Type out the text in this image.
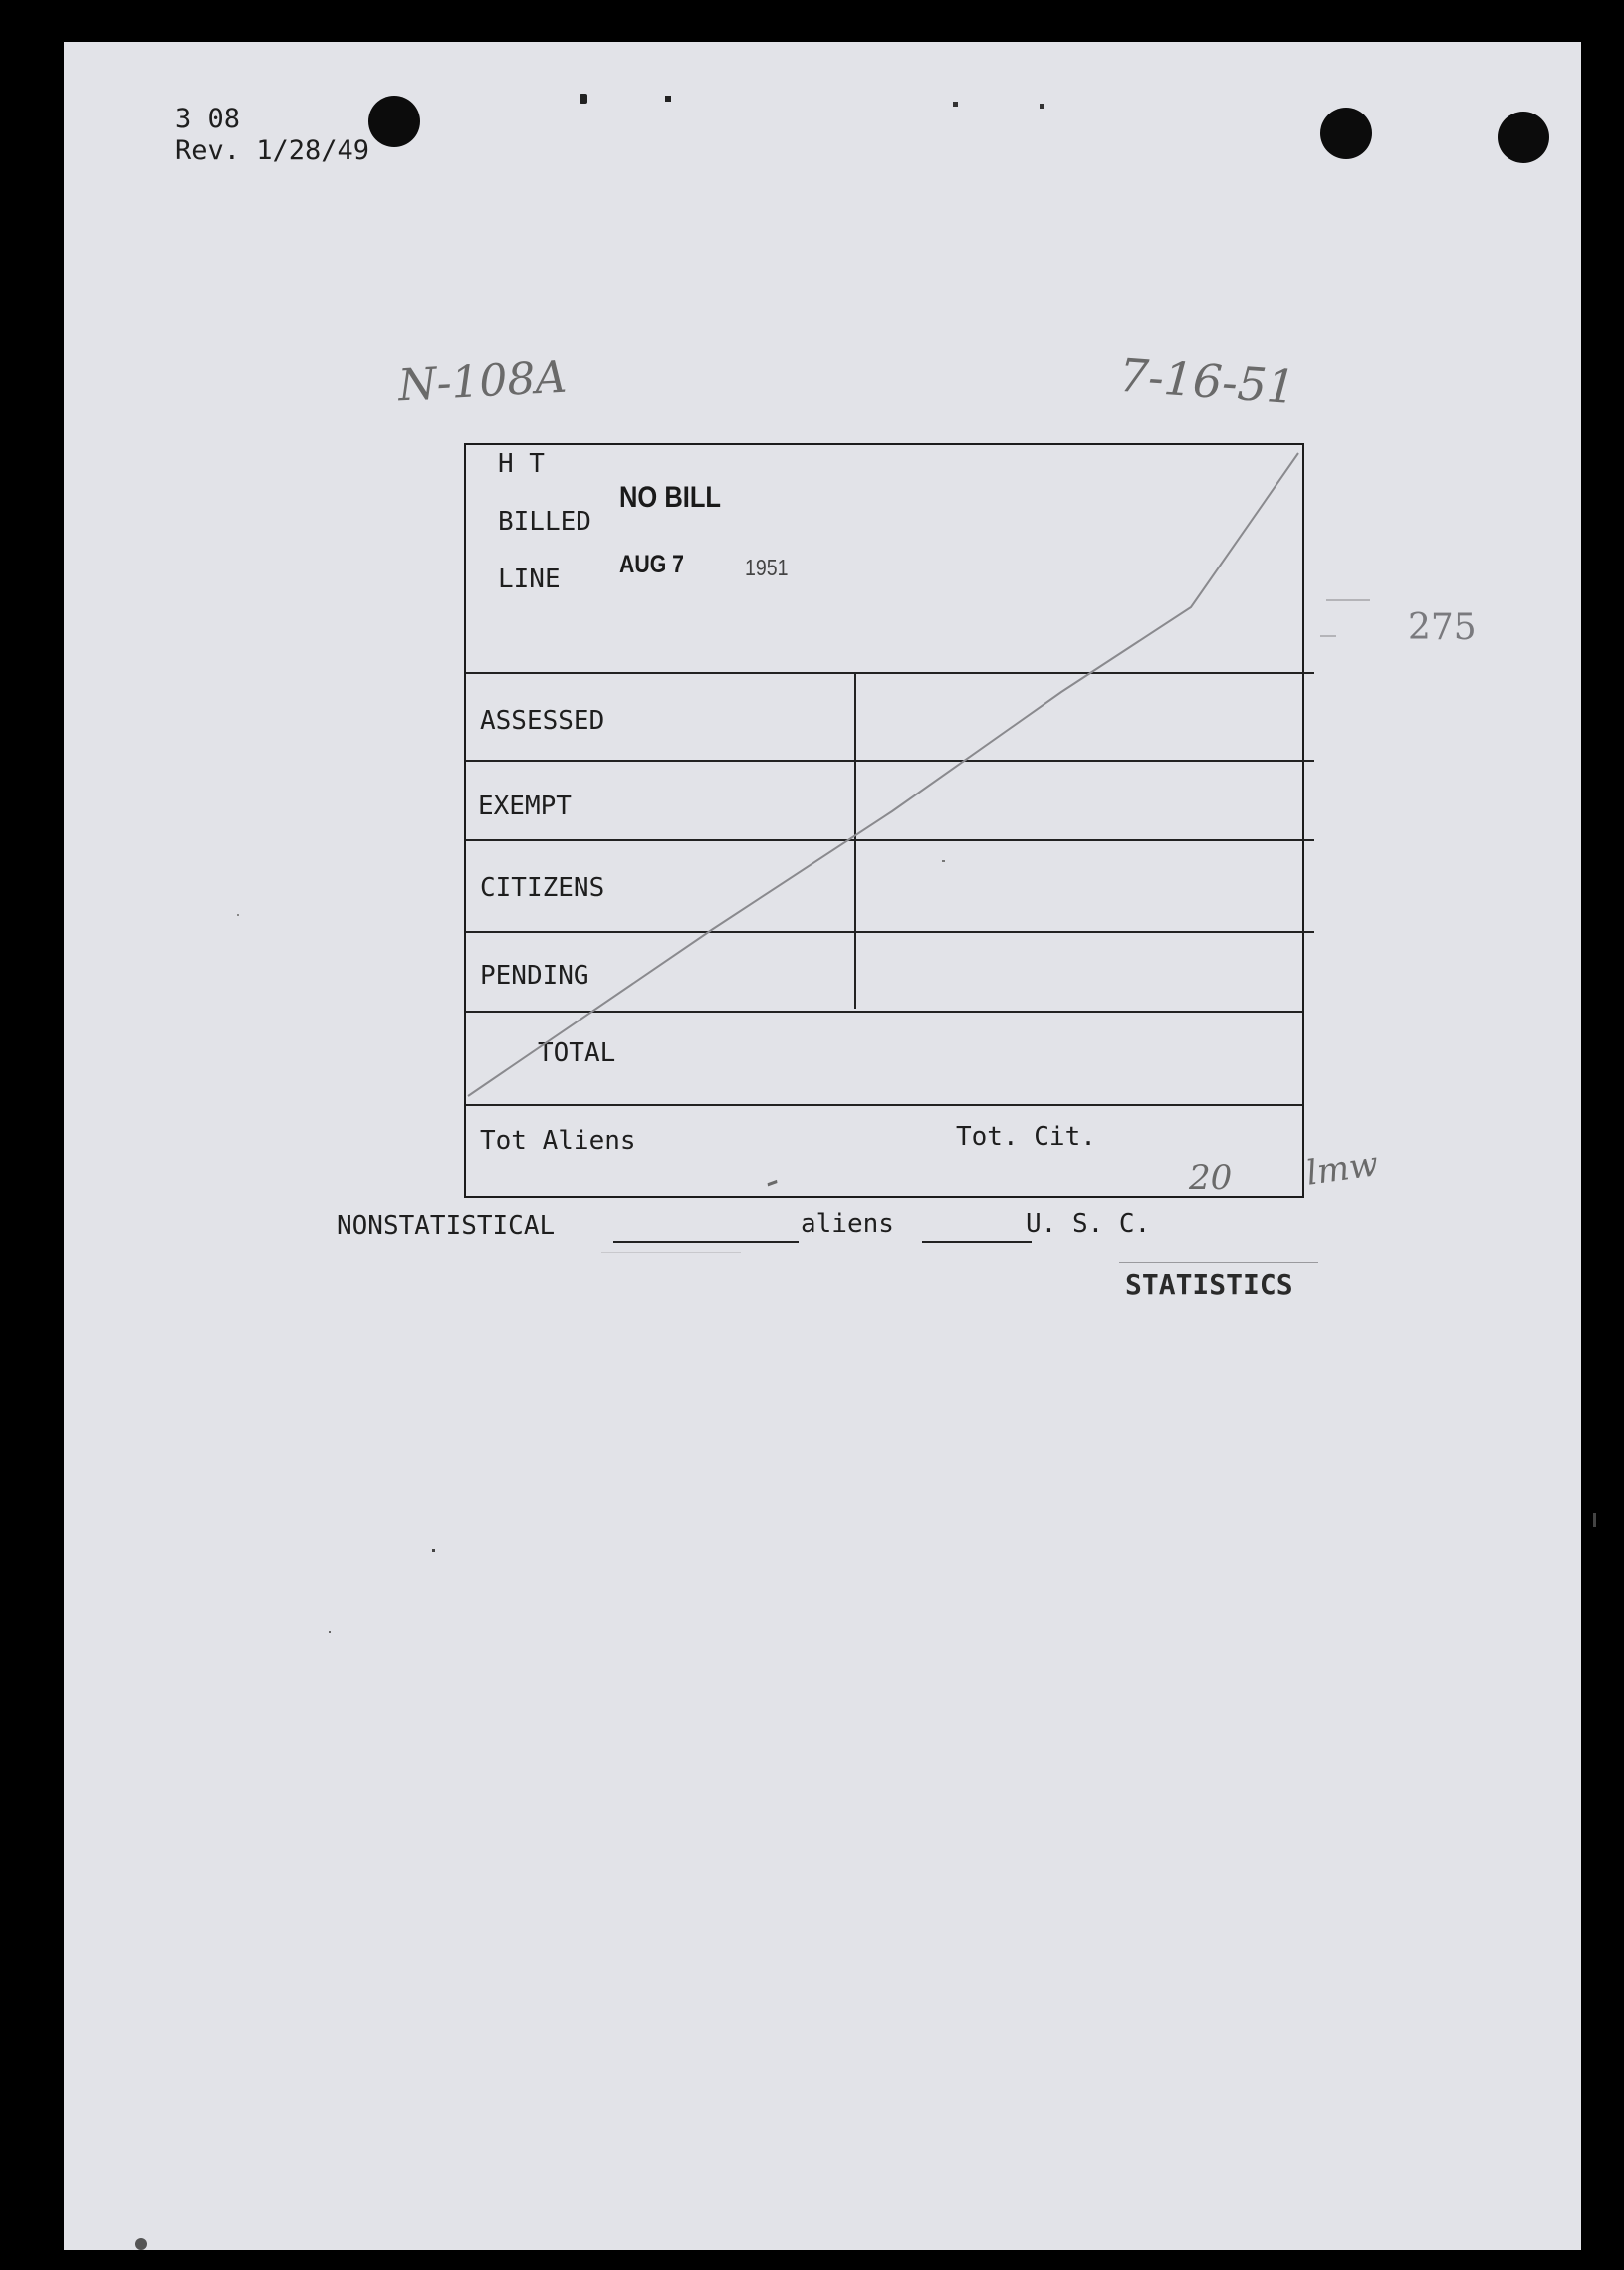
3 08
Rev. 1/28/49
N-108A	7-16-51
275
H T
BILLED
LINE
NO BILL
AUG 7	1951
ASSESSED
EXEMPT
CITIZENS
PENDING
TOTAL
Tot Aliens	Tot. Cit.
-	20 lmw
NONSTATISTICAL	aliens	U. S. C.
STATISTICS
